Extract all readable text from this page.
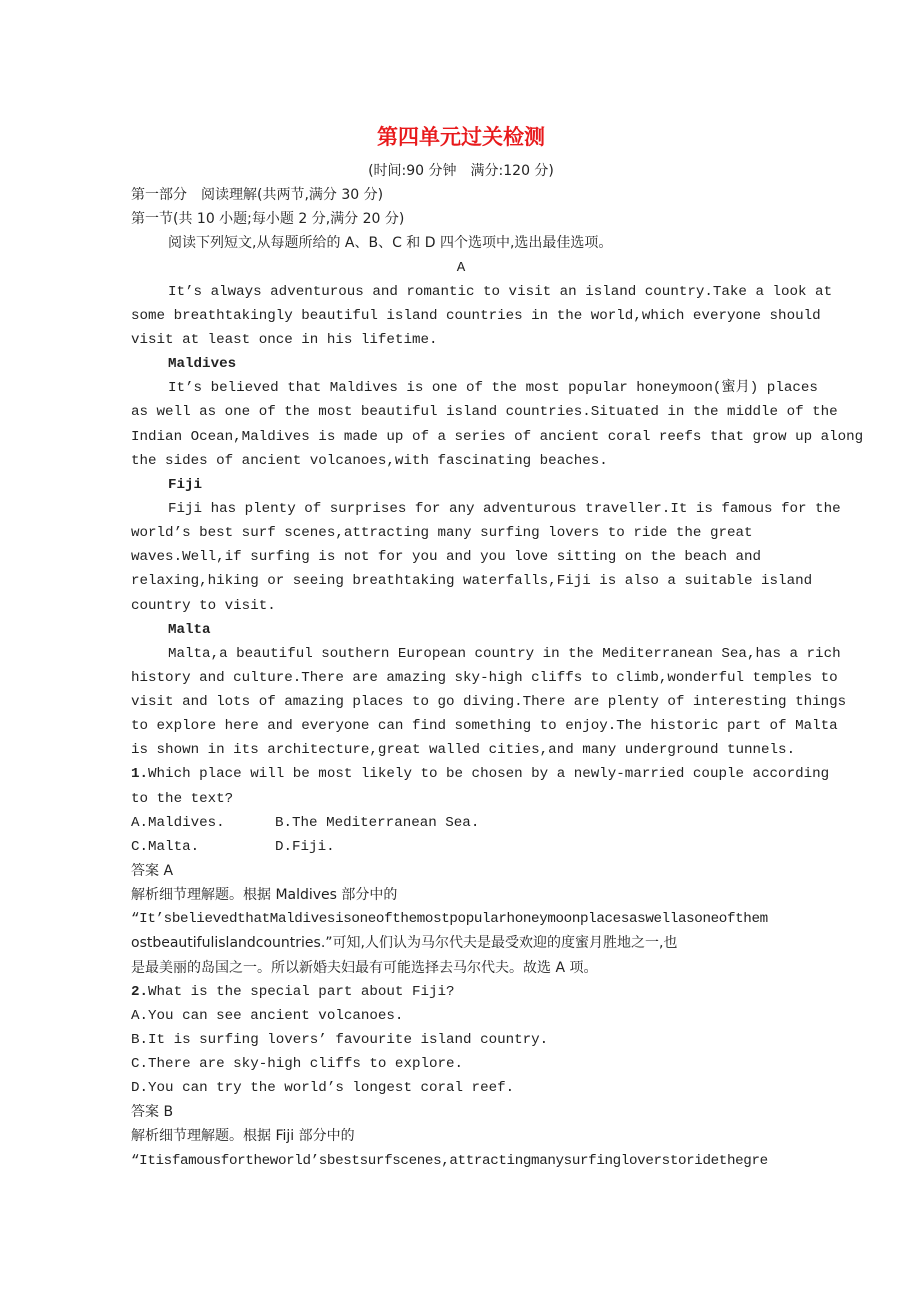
第四单元过关检测
(时间:90 分钟　满分:120 分)
第一部分　阅读理解(共两节,满分 30 分)
第一节(共 10 小题;每小题 2 分,满分 20 分)
阅读下列短文,从每题所给的 A、B、C 和 D 四个选项中,选出最佳选项。
A
It’s always adventurous and romantic to visit an island country.Take a look at
some breathtakingly beautiful island countries in the world,which everyone should
visit at least once in his lifetime.
Maldives
It’s believed that Maldives is one of the most popular honeymoon(蜜月) places
as well as one of the most beautiful island countries.Situated in the middle of the
Indian Ocean,Maldives is made up of a series of ancient coral reefs that grow up along
the sides of ancient volcanoes,with fascinating beaches.
Fiji
Fiji has plenty of surprises for any adventurous traveller.It is famous for the
world’s best surf scenes,attracting many surfing lovers to ride the great
waves.Well,if surfing is not for you and you love sitting on the beach and
relaxing,hiking or seeing breathtaking waterfalls,Fiji is also a suitable island
country to visit.
Malta
Malta,a beautiful southern European country in the Mediterranean Sea,has a rich
history and culture.There are amazing sky-high cliffs to climb,wonderful temples to
visit and lots of amazing places to go diving.There are plenty of interesting things
to explore here and everyone can find something to enjoy.The historic part of Malta
is shown in its architecture,great walled cities,and many underground tunnels.
1.Which place will be most likely to be chosen by a newly-married couple according
to the text?
A.Maldives.	B.The Mediterranean Sea.
C.Malta.	D.Fiji.
答案 A
解析细节理解题。根据 Maldives 部分中的
“It’sbelievedthatMaldivesisoneofthemostpopularhoneymoonplacesaswellasoneofthem
ostbeautifulislandcountries.”可知,人们认为马尔代夫是最受欢迎的度蜜月胜地之一,也
是最美丽的岛国之一。所以新婚夫妇最有可能选择去马尔代夫。故选 A 项。
2.What is the special part about Fiji?
A.You can see ancient volcanoes.
B.It is surfing lovers’ favourite island country.
C.There are sky-high cliffs to explore.
D.You can try the world’s longest coral reef.
答案 B
解析细节理解题。根据 Fiji 部分中的
“Itisfamousfortheworld’sbestsurfscenes,attractingmanysurfingloverstoridethegre
